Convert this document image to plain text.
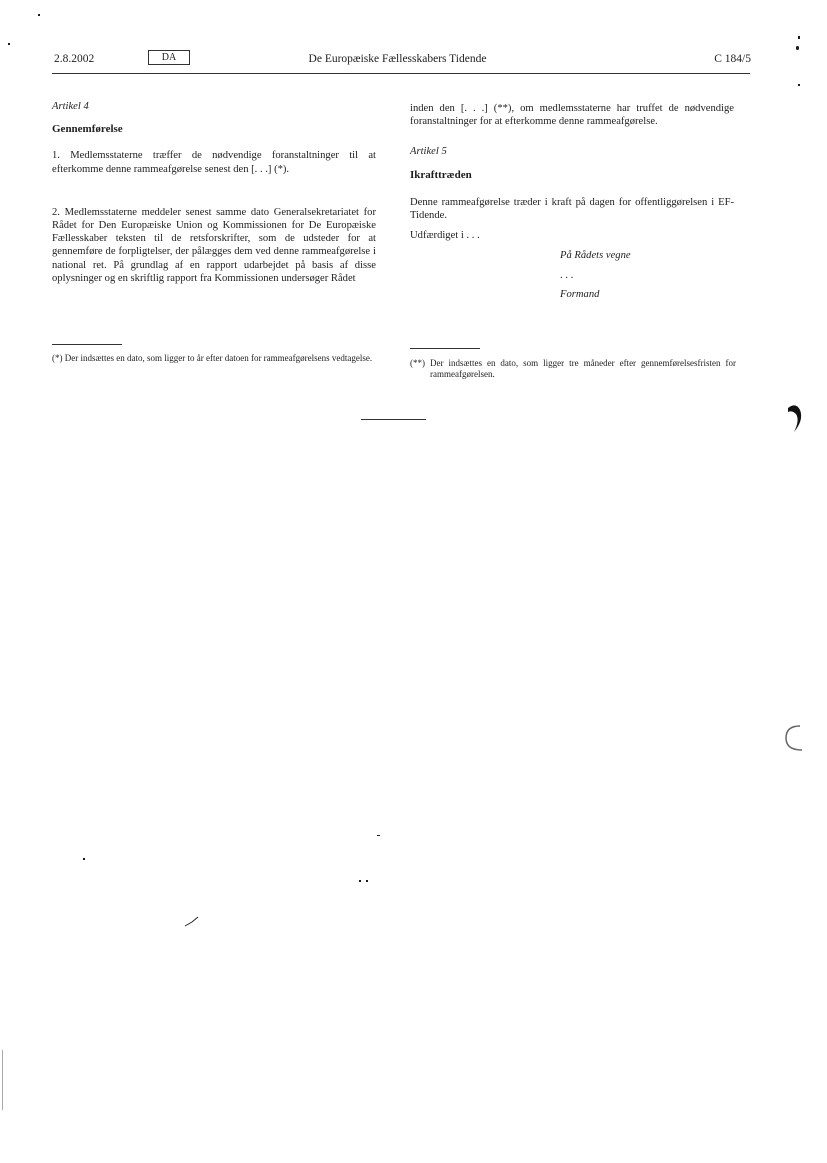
2.8.2002	DA	De Europæiske Fællesskabers Tidende	C 184/5

Artikel 4

Gennemførelse

1. Medlemsstaterne træffer de nødvendige foranstaltninger til at efterkomme denne rammeafgørelse senest den [. . .] (*).

2. Medlemsstaterne meddeler senest samme dato Generalsekretariatet for Rådet for Den Europæiske Union og Kommissionen for De Europæiske Fællesskaber teksten til de retsforskrifter, som de udsteder for at gennemføre de forpligtelser, der pålægges dem ved denne rammeafgørelse i national ret. På grundlag af en rapport udarbejdet på basis af disse oplysninger og en skriftlig rapport fra Kommissionen undersøger Rådet

(*) Der indsættes en dato, som ligger to år efter datoen for rammeafgørelsens vedtagelse.

inden den [. . .] (**), om medlemsstaterne har truffet de nødvendige foranstaltninger for at efterkomme denne rammeafgørelse.

Artikel 5

Ikrafttræden

Denne rammeafgørelse træder i kraft på dagen for offentliggørelsen i EF-Tidende.

Udfærdiget i . . .

På Rådets vegne

. . .

Formand

(**) Der indsættes en dato, som ligger tre måneder efter gennemførelsesfristen for rammeafgørelsen.
